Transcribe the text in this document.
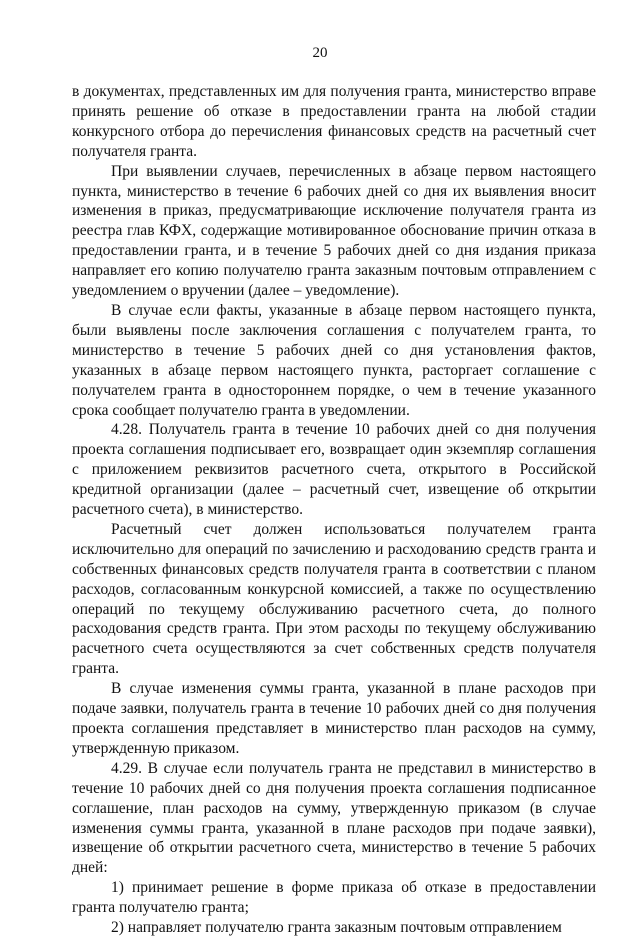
20

в документах, представленных им для получения гранта, министерство вправе принять решение об отказе в предоставлении гранта на любой стадии конкурсного отбора до перечисления финансовых средств на расчетный счет получателя гранта.

При выявлении случаев, перечисленных в абзаце первом настоящего пункта, министерство в течение 6 рабочих дней со дня их выявления вносит изменения в приказ, предусматривающие исключение получателя гранта из реестра глав КФХ, содержащие мотивированное обоснование причин отказа в предоставлении гранта, и в течение 5 рабочих дней со дня издания приказа направляет его копию получателю гранта заказным почтовым отправлением с уведомлением о вручении (далее – уведомление).

В случае если факты, указанные в абзаце первом настоящего пункта, были выявлены после заключения соглашения с получателем гранта, то министерство в течение 5 рабочих дней со дня установления фактов, указанных в абзаце первом настоящего пункта, расторгает соглашение с получателем гранта в одностороннем порядке, о чем в течение указанного срока сообщает получателю гранта в уведомлении.

4.28. Получатель гранта в течение 10 рабочих дней со дня получения проекта соглашения подписывает его, возвращает один экземпляр соглашения с приложением реквизитов расчетного счета, открытого в Российской кредитной организации (далее – расчетный счет, извещение об открытии расчетного счета), в министерство.

Расчетный счет должен использоваться получателем гранта исключительно для операций по зачислению и расходованию средств гранта и собственных финансовых средств получателя гранта в соответствии с планом расходов, согласованным конкурсной комиссией, а также по осуществлению операций по текущему обслуживанию расчетного счета, до полного расходования средств гранта. При этом расходы по текущему обслуживанию расчетного счета осуществляются за счет собственных средств получателя гранта.

В случае изменения суммы гранта, указанной в плане расходов при подаче заявки, получатель гранта в течение 10 рабочих дней со дня получения проекта соглашения представляет в министерство план расходов на сумму, утвержденную приказом.

4.29. В случае если получатель гранта не представил в министерство в течение 10 рабочих дней со дня получения проекта соглашения подписанное соглашение, план расходов на сумму, утвержденную приказом (в случае изменения суммы гранта, указанной в плане расходов при подаче заявки), извещение об открытии расчетного счета, министерство в течение 5 рабочих дней:

1) принимает решение в форме приказа об отказе в предоставлении гранта получателю гранта;

2) направляет получателю гранта заказным почтовым отправлением
